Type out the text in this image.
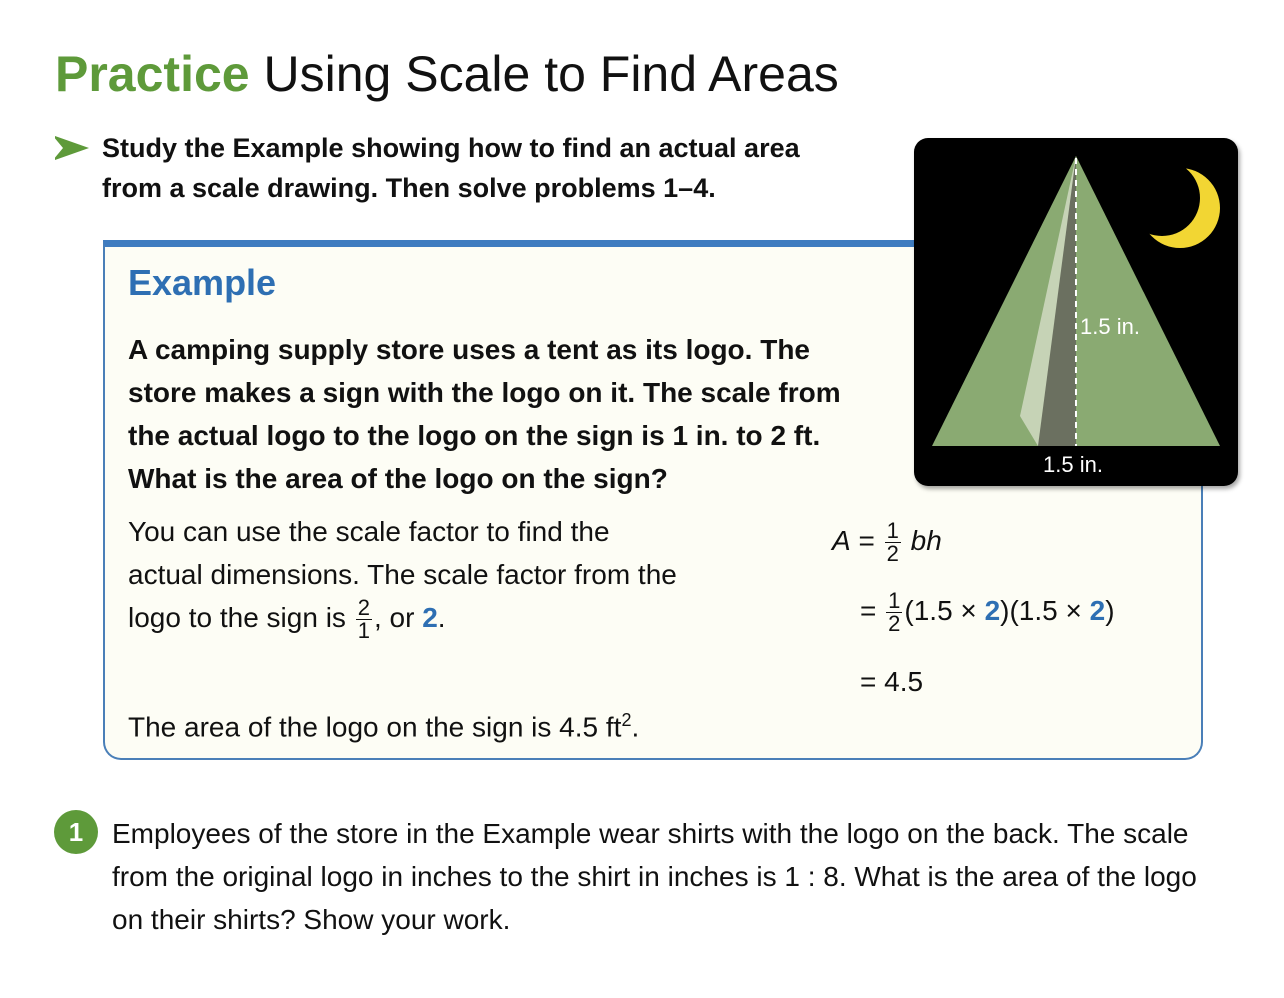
Practice Using Scale to Find Areas
Study the Example showing how to find an actual area from a scale drawing. Then solve problems 1–4.
Example
A camping supply store uses a tent as its logo. The store makes a sign with the logo on it. The scale from the actual logo to the logo on the sign is 1 in. to 2 ft. What is the area of the logo on the sign?
You can use the scale factor to find the actual dimensions. The scale factor from the logo to the sign is $\frac{2}{1}$ , or 2.
The area of the logo on the sign is 4.5 $ft^2$.
$A = \frac{1}{2}$ bh
= $\frac{1}{2} (1.5 \times 2)(1.5 \times 2)$
= 4.5
1.5 in.
1.5 in.
1	Employees of the store in the Example wear shirts with the logo on the back. The scale from the original logo in inches to the shirt in inches is 1 : 8. What is the area of the logo on their shirts? Show your work.
